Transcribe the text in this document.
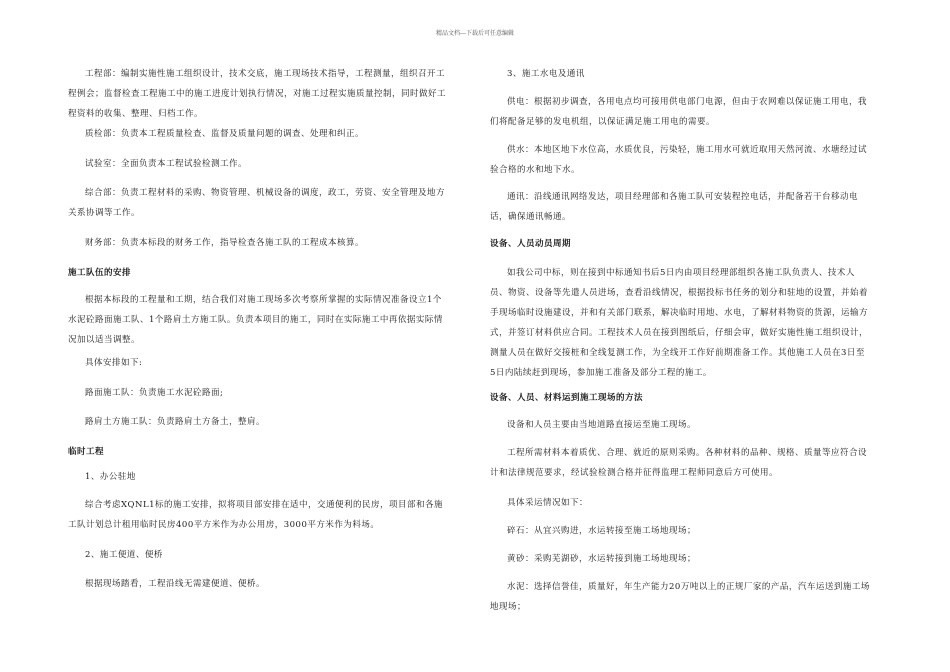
精品文档---下载后可任意编辑
工程部：编制实施性施工组织设计，技术交底，施工现场技术指导，工程测量，组织召开工程例会；监督检查工程施工中的施工进度计划执行情况，对施工过程实施质量控制，同时做好工程资料的收集、整理、归档工作。
质检部：负责本工程质量检查、监督及质量问题的调查、处理和纠正。
试验室：全面负责本工程试验检测工作。
综合部：负责工程材料的采购、物资管理、机械设备的调度，政工，劳资、安全管理及地方关系协调等工作。
财务部：负责本标段的财务工作，指导检查各施工队的工程成本核算。
施工队伍的安排
根据本标段的工程量和工期，结合我们对施工现场多次考察所掌握的实际情况准备设立1个水泥砼路面施工队、1个路肩土方施工队。负责本项目的施工，同时在实际施工中再依据实际情况加以适当调整。
具体安排如下:
路面施工队：负责施工水泥砼路面;
路肩土方施工队：负责路肩土方备土，整肩。
临时工程
1、办公驻地
综合考虑XQNL1标的施工安排，拟将项目部安排在适中，交通便利的民房，项目部和各施工队计划总计租用临时民房400平方米作为办公用房，3000平方米作为料场。
2、施工便道、便桥
根据现场踏看，工程沿线无需建便道、便桥。
3、施工水电及通讯
供电：根据初步调查，各用电点均可接用供电部门电源，但由于农网难以保证施工用电，我们将配备足够的发电机组，以保证满足施工用电的需要。
供水：本地区地下水位高，水质优良，污染轻，施工用水可就近取用天然河流、水塘经过试验合格的水和地下水。
通讯：沿线通讯网络发达，项目经理部和各施工队可安装程控电话，并配备若干台移动电话，确保通讯畅通。
设备、人员动员周期
如我公司中标，则在接到中标通知书后5日内由项目经理部组织各施工队负责人、技术人员、物资、设备等先遣人员进场，查看沿线情况，根据投标书任务的划分和驻地的设置，并始着手现场临时设施建设，并和有关部门联系，解决临时用地、水电，了解材料物资的货源，运输方式，并签订材料供应合同。工程技术人员在接到图纸后，仔细会审，做好实施性施工组织设计，测量人员在做好交接桩和全线复测工作，为全线开工作好前期准备工作。其他施工人员在3日至5日内陆续赶到现场，参加施工准备及部分工程的施工。
设备、人员、材料运到施工现场的方法
设备和人员主要由当地道路直接运至施工现场。
工程所需材料本着质优、合理、就近的原则采购。各种材料的品种、规格、质量等应符合设计和法律规范要求，经试验检测合格并征得监理工程师同意后方可使用。
具体采运情况如下：
碎石：从宜兴购进，水运转接至施工场地现场；
黄砂：采购芜湖砂，水运转接到施工场地现场；
水泥：选择信誉佳，质量好，年生产能力20万吨以上的正规厂家的产品，汽车运送到施工场地现场；
